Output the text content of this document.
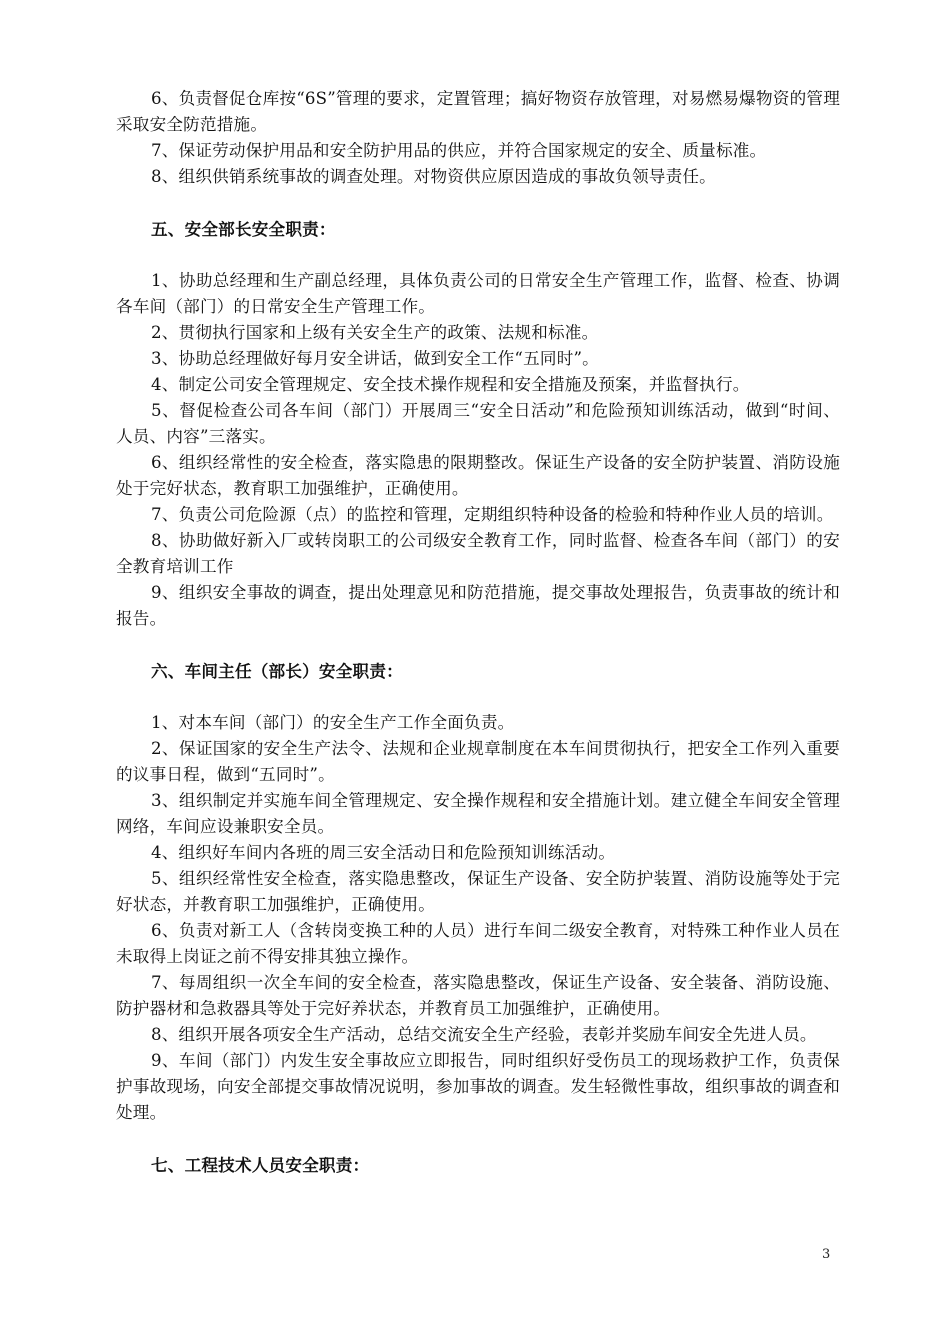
6、负责督促仓库按“6S”管理的要求，定置管理；搞好物资存放管理，对易燃易爆物资的管理采取安全防范措施。

7、保证劳动保护用品和安全防护用品的供应，并符合国家规定的安全、质量标准。

8、组织供销系统事故的调查处理。对物资供应原因造成的事故负领导责任。

五、安全部长安全职责：

1、协助总经理和生产副总经理，具体负责公司的日常安全生产管理工作，监督、检查、协调各车间（部门）的日常安全生产管理工作。

2、贯彻执行国家和上级有关安全生产的政策、法规和标准。

3、协助总经理做好每月安全讲话，做到安全工作“五同时”。

4、制定公司安全管理规定、安全技术操作规程和安全措施及预案，并监督执行。

5、督促检查公司各车间（部门）开展周三“安全日活动”和危险预知训练活动，做到“时间、人员、内容”三落实。

6、组织经常性的安全检查，落实隐患的限期整改。保证生产设备的安全防护装置、消防设施处于完好状态，教育职工加强维护，正确使用。

7、负责公司危险源（点）的监控和管理，定期组织特种设备的检验和特种作业人员的培训。

8、协助做好新入厂或转岗职工的公司级安全教育工作，同时监督、检查各车间（部门）的安全教育培训工作

9、组织安全事故的调查，提出处理意见和防范措施，提交事故处理报告，负责事故的统计和报告。

六、车间主任（部长）安全职责：

1、对本车间（部门）的安全生产工作全面负责。

2、保证国家的安全生产法令、法规和企业规章制度在本车间贯彻执行，把安全工作列入重要的议事日程，做到“五同时”。

3、组织制定并实施车间全管理规定、安全操作规程和安全措施计划。建立健全车间安全管理网络，车间应设兼职安全员。

4、组织好车间内各班的周三安全活动日和危险预知训练活动。

5、组织经常性安全检查，落实隐患整改，保证生产设备、安全防护装置、消防设施等处于完好状态，并教育职工加强维护，正确使用。

6、负责对新工人（含转岗变换工种的人员）进行车间二级安全教育，对特殊工种作业人员在未取得上岗证之前不得安排其独立操作。

7、每周组织一次全车间的安全检查，落实隐患整改，保证生产设备、安全装备、消防设施、防护器材和急救器具等处于完好养状态，并教育员工加强维护，正确使用。

8、组织开展各项安全生产活动，总结交流安全生产经验，表彰并奖励车间安全先进人员。

9、车间（部门）内发生安全事故应立即报告，同时组织好受伤员工的现场救护工作，负责保护事故现场，向安全部提交事故情况说明，参加事故的调查。发生轻微性事故，组织事故的调查和处理。

七、工程技术人员安全职责：
3
